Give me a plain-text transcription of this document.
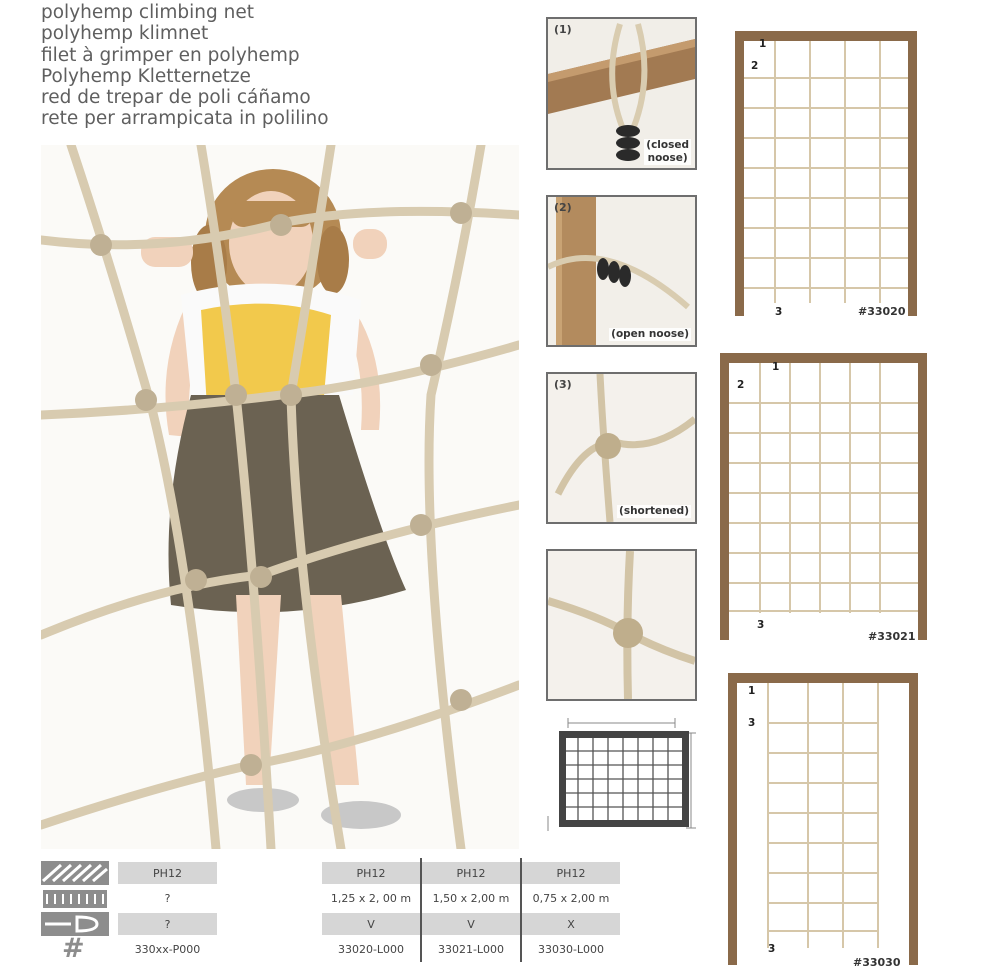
polyhemp climbing net
polyhemp klimnet
filet à grimper en polyhemp
Polyhemp Kletternetze
red de trepar de poli cáñamo
rete per arrampicata in polilino
(1)
(closed
noose)
(2)
(open noose)
(3)
(shortened)
1
2
3	#33020
1
2
3
#33021
1
3
3
#33030
#
PH12
?
?
330xx-P000
PH12
1,25 x 2, 00 m
V
33020-L000
PH12
1,50 x 2,00 m
V
33021-L000
PH12
0,75 x 2,00 m
X
33030-L000
